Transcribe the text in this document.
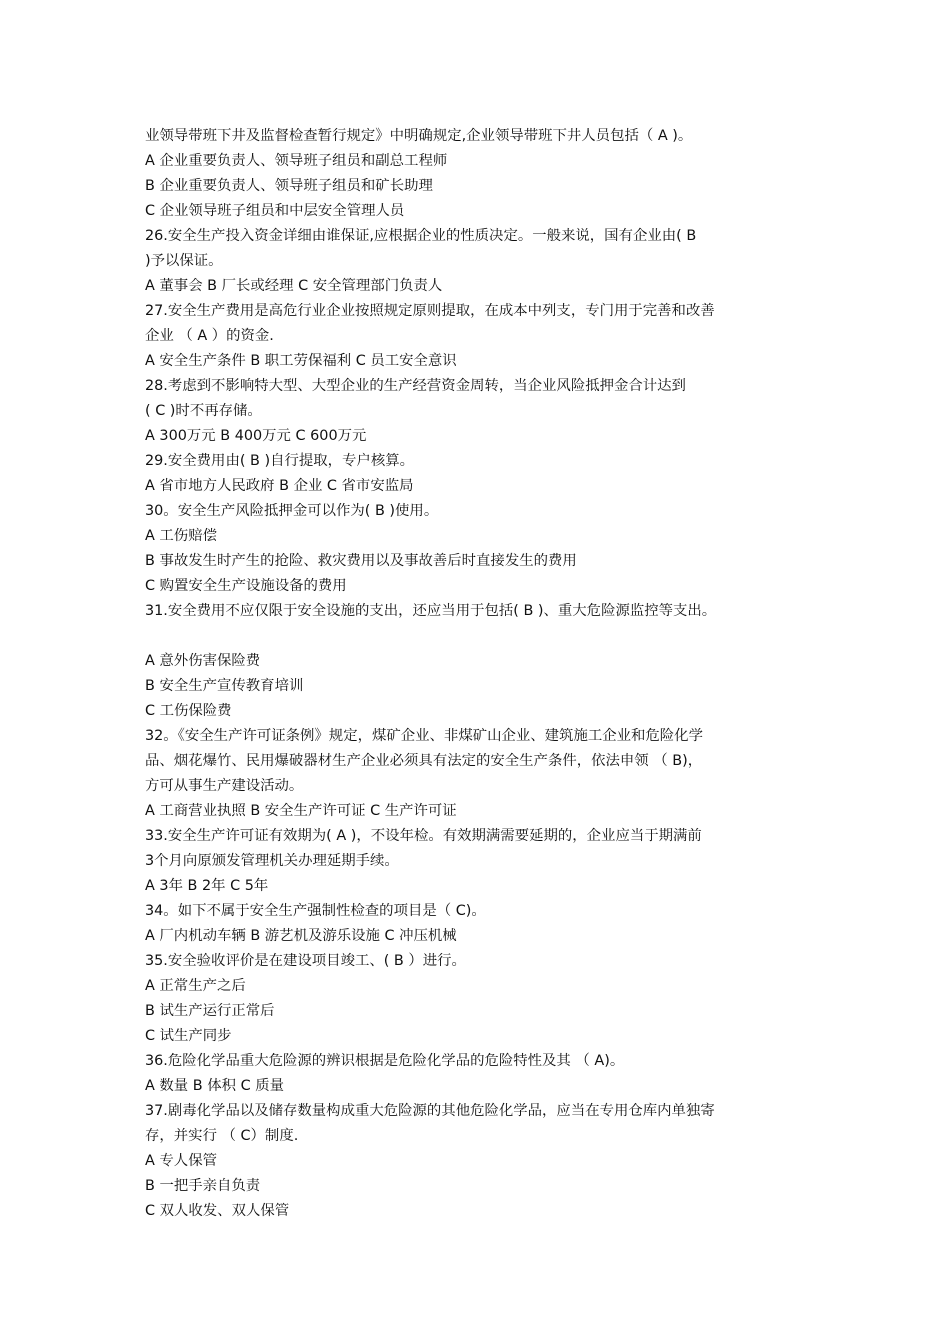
业领导带班下井及监督检查暂行规定》中明确规定,企业领导带班下井人员包括（ A )。
A 企业重要负责人、领导班子组员和副总工程师
B 企业重要负责人、领导班子组员和矿长助理
C 企业领导班子组员和中层安全管理人员
26.安全生产投入资金详细由谁保证,应根据企业的性质决定。一般来说，国有企业由( B
)予以保证。
A 董事会 B 厂长或经理 C 安全管理部门负责人
27.安全生产费用是高危行业企业按照规定原则提取，在成本中列支，专门用于完善和改善
企业 （ A ）的资金.
A 安全生产条件 B 职工劳保福利 C 员工安全意识
28.考虑到不影响特大型、大型企业的生产经营资金周转，当企业风险抵押金合计达到
( C )时不再存储。
A 300万元 B 400万元 C 600万元
29.安全费用由( B )自行提取，专户核算。
A 省市地方人民政府 B 企业 C 省市安监局
30。安全生产风险抵押金可以作为( B )使用。
A 工伤赔偿
B 事故发生时产生的抢险、救灾费用以及事故善后时直接发生的费用
C 购置安全生产设施设备的费用
31.安全费用不应仅限于安全设施的支出，还应当用于包括( B )、重大危险源监控等支出。
A 意外伤害保险费
B 安全生产宣传教育培训
C 工伤保险费
32。《安全生产许可证条例》规定，煤矿企业、非煤矿山企业、建筑施工企业和危险化学
品、烟花爆竹、民用爆破器材生产企业必须具有法定的安全生产条件，依法申领 （ B)，
方可从事生产建设活动。
A 工商营业执照 B 安全生产许可证 C 生产许可证
33.安全生产许可证有效期为( A )，不设年检。有效期满需要延期的，企业应当于期满前
3个月向原颁发管理机关办理延期手续。
A 3年 B 2年 C 5年
34。如下不属于安全生产强制性检查的项目是（ C)。
A 厂内机动车辆 B 游艺机及游乐设施 C 冲压机械
35.安全验收评价是在建设项目竣工、( B ）进行。
A 正常生产之后
B 试生产运行正常后
C 试生产同步
36.危险化学品重大危险源的辨识根据是危险化学品的危险特性及其 （ A)。
A 数量 B 体积 C 质量
37.剧毒化学品以及储存数量构成重大危险源的其他危险化学品，应当在专用仓库内单独寄
存，并实行 （ C）制度.
A 专人保管
B 一把手亲自负责
C 双人收发、双人保管
